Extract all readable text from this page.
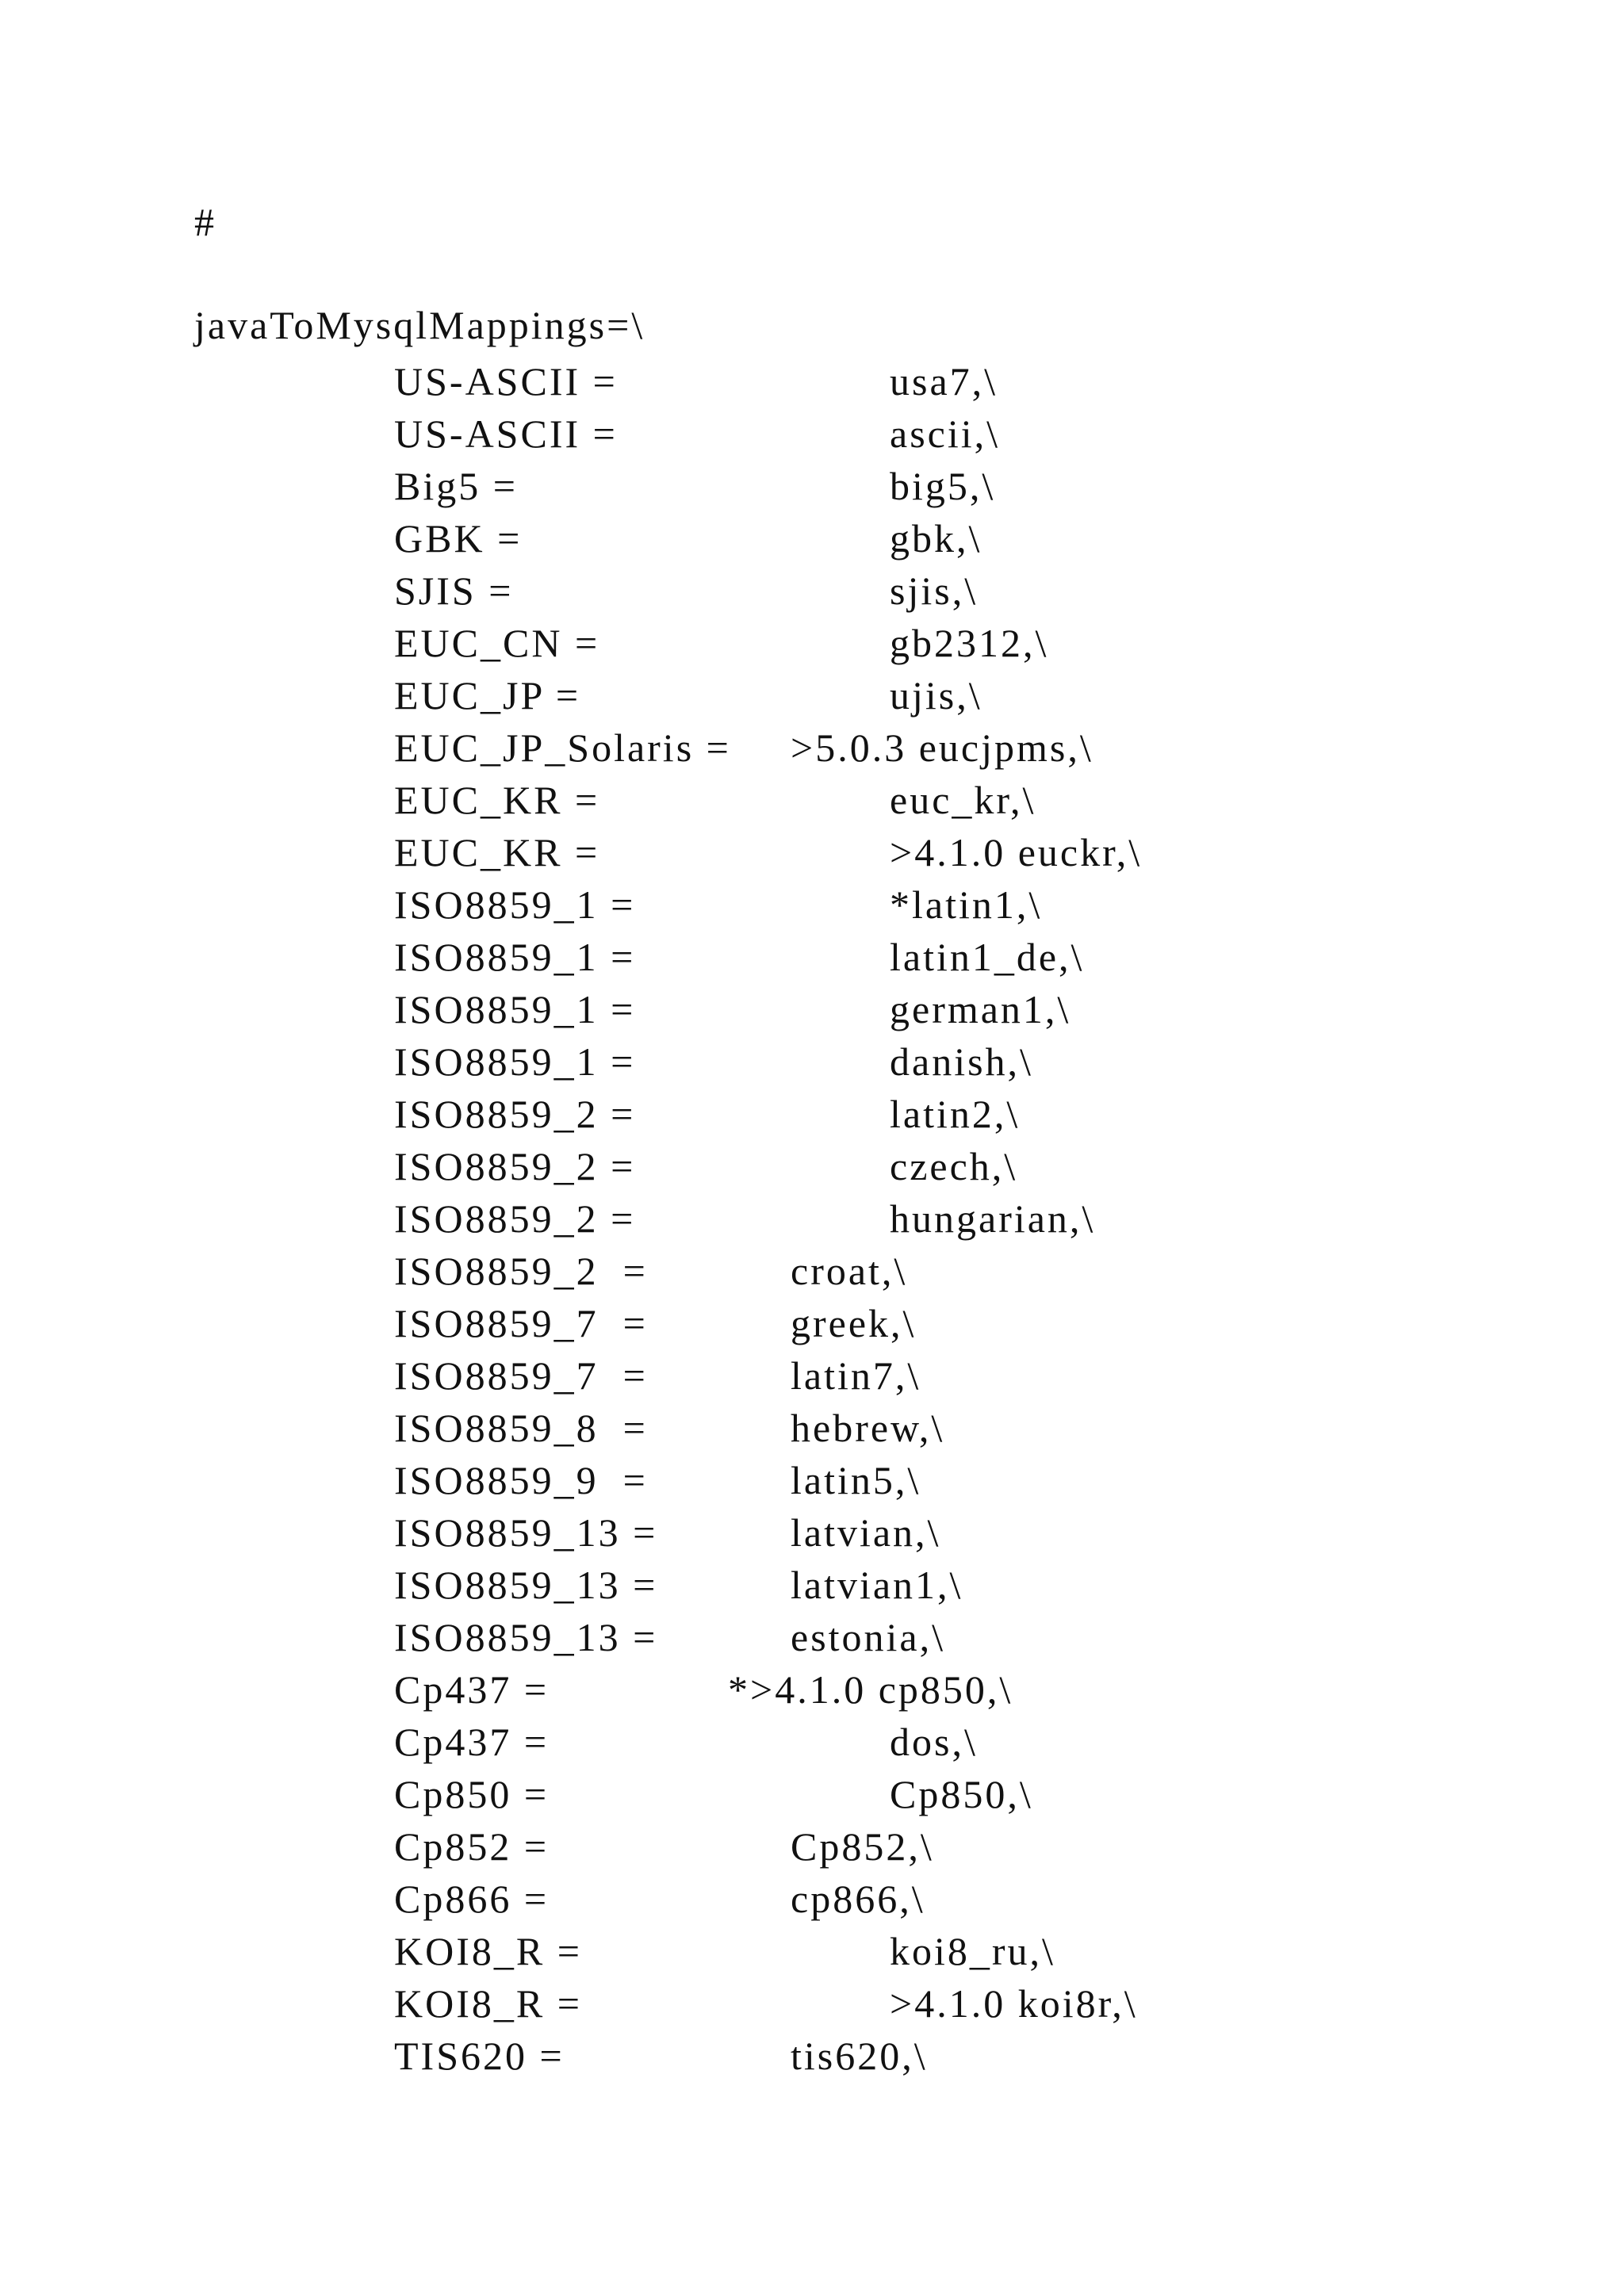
#
javaToMysqlMappings=\
US-ASCII =	usa7,\
US-ASCII =	ascii,\
Big5 =	big5,\
GBK =	gbk,\
SJIS =	sjis,\
EUC_CN =	gb2312,\
EUC_JP =	ujis,\
EUC_JP_Solaris = >5.0.3 eucjpms,\
EUC_KR =	euc_kr,\
EUC_KR =	>4.1.0 euckr,\
ISO8859_1 =	*latin1,\
ISO8859_1 =	latin1_de,\
ISO8859_1 =	german1,\
ISO8859_1 =	danish,\
ISO8859_2 =	latin2,\
ISO8859_2 =	czech,\
ISO8859_2 =	hungarian,\
ISO8859_2  =	croat,\
ISO8859_7  =	greek,\
ISO8859_7  =	latin7,\
ISO8859_8  =	hebrew,\
ISO8859_9  =	latin5,\
ISO8859_13 =	latvian,\
ISO8859_13 =	latvian1,\
ISO8859_13 =	estonia,\
Cp437 =	*>4.1.0 cp850,\
Cp437 =	dos,\
Cp850 =	Cp850,\
Cp852 =	Cp852,\
Cp866 =	cp866,\
KOI8_R =	koi8_ru,\
KOI8_R =	>4.1.0 koi8r,\
TIS620 =	tis620,\
